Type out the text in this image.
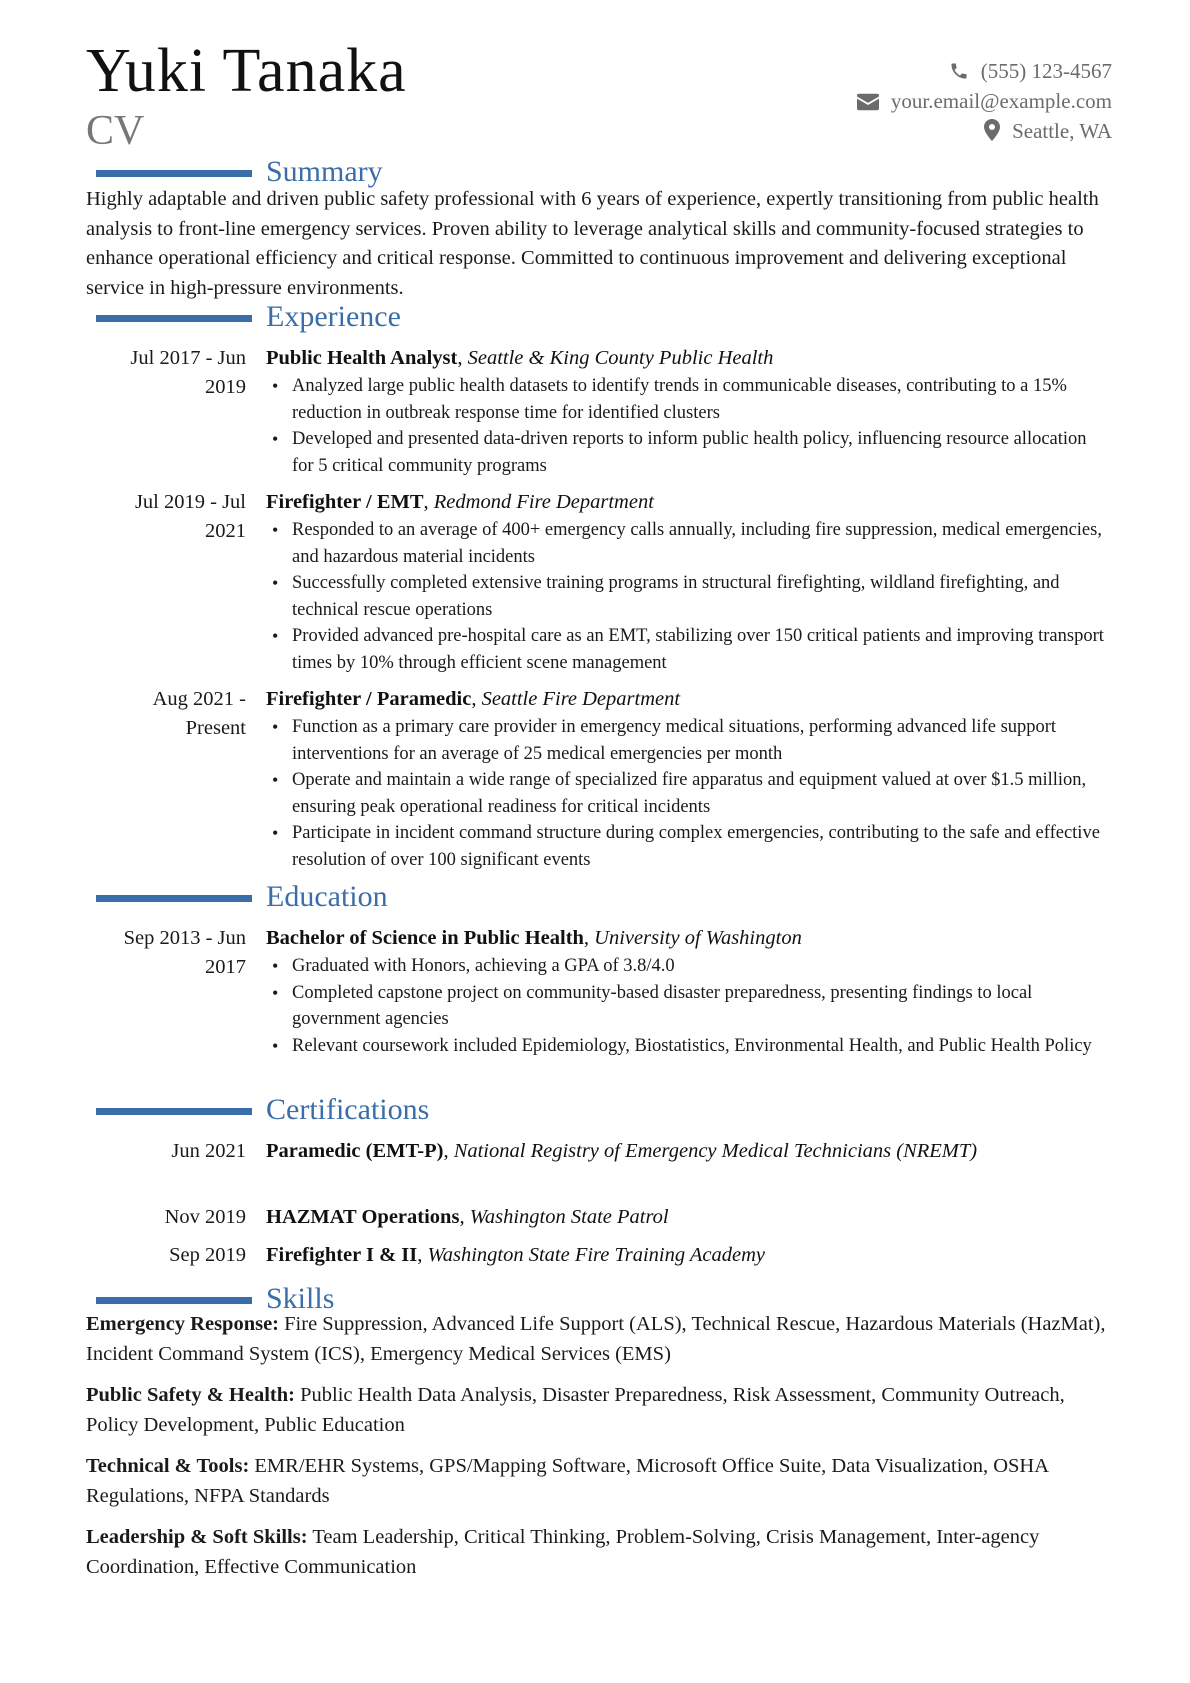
Yuki Tanaka
CV
(555) 123-4567
your.email@example.com
Seattle, WA
Summary
Highly adaptable and driven public safety professional with 6 years of experience, expertly transitioning from public health analysis to front-line emergency services. Proven ability to leverage analytical skills and community-focused strategies to enhance operational efficiency and critical response. Committed to continuous improvement and delivering exceptional service in high-pressure environments.
Experience
Jul 2017 - Jun
2019
Public Health Analyst, Seattle & King County Public Health
• Analyzed large public health datasets to identify trends in communicable diseases, contributing to a 15% reduction in outbreak response time for identified clusters
• Developed and presented data-driven reports to inform public health policy, influencing resource allocation for 5 critical community programs
Jul 2019 - Jul
2021
Firefighter / EMT, Redmond Fire Department
• Responded to an average of 400+ emergency calls annually, including fire suppression, medical emergencies, and hazardous material incidents
• Successfully completed extensive training programs in structural firefighting, wildland firefighting, and technical rescue operations
• Provided advanced pre-hospital care as an EMT, stabilizing over 150 critical patients and improving transport times by 10% through efficient scene management
Aug 2021 -
Present
Firefighter / Paramedic, Seattle Fire Department
• Function as a primary care provider in emergency medical situations, performing advanced life support interventions for an average of 25 medical emergencies per month
• Operate and maintain a wide range of specialized fire apparatus and equipment valued at over $1.5 million, ensuring peak operational readiness for critical incidents
• Participate in incident command structure during complex emergencies, contributing to the safe and effective resolution of over 100 significant events
Education
Sep 2013 - Jun
2017
Bachelor of Science in Public Health, University of Washington
• Graduated with Honors, achieving a GPA of 3.8/4.0
• Completed capstone project on community-based disaster preparedness, presenting findings to local government agencies
• Relevant coursework included Epidemiology, Biostatistics, Environmental Health, and Public Health Policy
Certifications
Jun 2021 Paramedic (EMT-P), National Registry of Emergency Medical Technicians (NREMT)
Nov 2019 HAZMAT Operations, Washington State Patrol
Sep 2019 Firefighter I & II, Washington State Fire Training Academy
Skills
Emergency Response: Fire Suppression, Advanced Life Support (ALS), Technical Rescue, Hazardous Materials (HazMat), Incident Command System (ICS), Emergency Medical Services (EMS)
Public Safety & Health: Public Health Data Analysis, Disaster Preparedness, Risk Assessment, Community Outreach, Policy Development, Public Education
Technical & Tools: EMR/EHR Systems, GPS/Mapping Software, Microsoft Office Suite, Data Visualization, OSHA Regulations, NFPA Standards
Leadership & Soft Skills: Team Leadership, Critical Thinking, Problem-Solving, Crisis Management, Inter-agency Coordination, Effective Communication
